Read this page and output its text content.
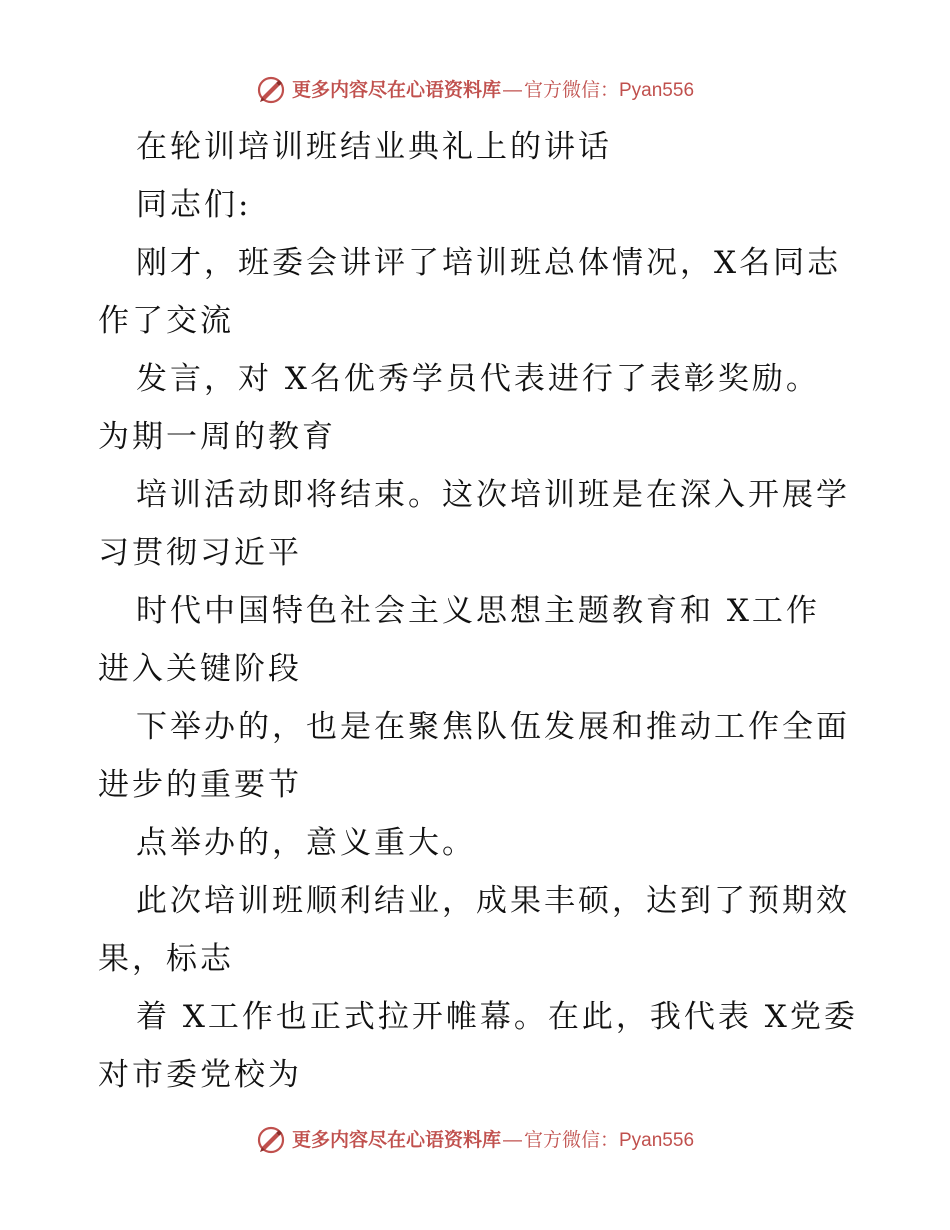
更多内容尽在心语资料库 — 官方微信： Pyan556
在轮训培训班结业典礼上的讲话
同志们:
刚才，班委会讲评了培训班总体情况，X名同志
作了交流
发言，对 X名优秀学员代表进行了表彰奖励。
为期一周的教育
培训活动即将结束。这次培训班是在深入开展学
习贯彻习近平
时代中国特色社会主义思想主题教育和 X工作
进入关键阶段
下举办的，也是在聚焦队伍发展和推动工作全面
进步的重要节
点举办的，意义重大。
此次培训班顺利结业，成果丰硕，达到了预期效
果，标志
着 X工作也正式拉开帷幕。在此，我代表 X党委
对市委党校为
更多内容尽在心语资料库 — 官方微信： Pyan556
